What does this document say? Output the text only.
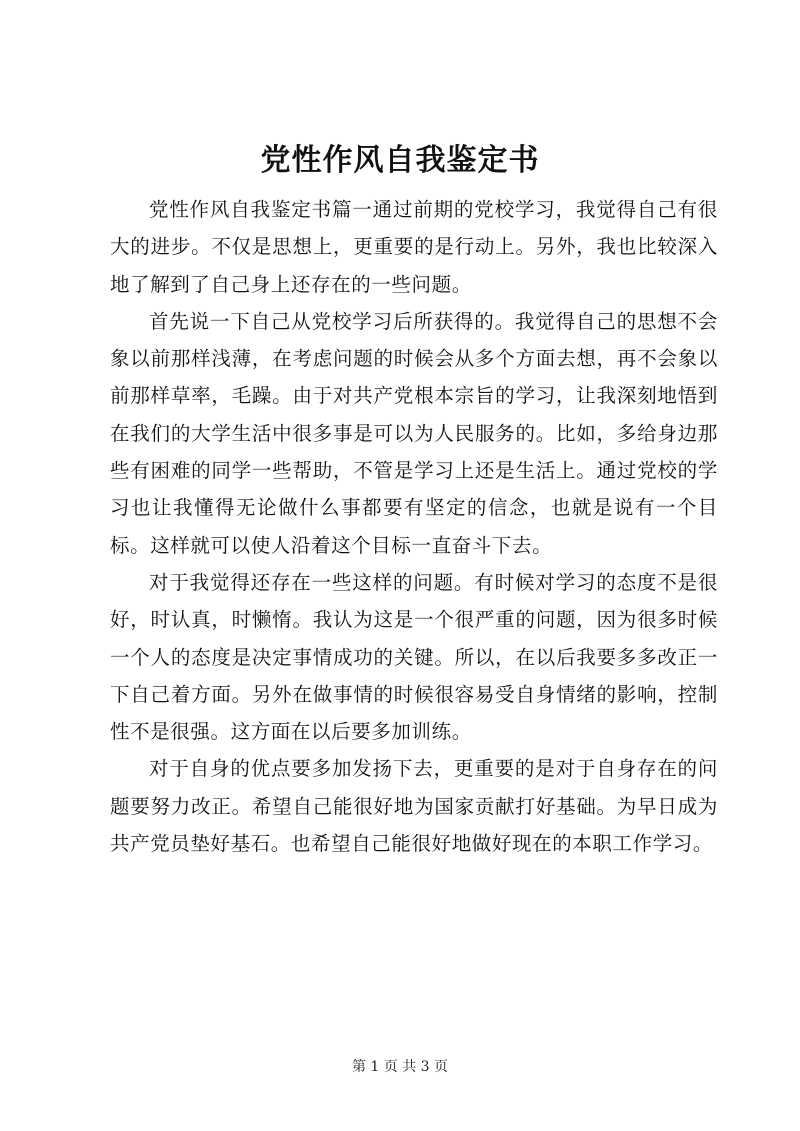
党性作风自我鉴定书

党性作风自我鉴定书篇一通过前期的党校学习，我觉得自己有很大的进步。不仅是思想上，更重要的是行动上。另外，我也比较深入地了解到了自己身上还存在的一些问题。

首先说一下自己从党校学习后所获得的。我觉得自己的思想不会象以前那样浅薄，在考虑问题的时候会从多个方面去想，再不会象以前那样草率，毛躁。由于对共产党根本宗旨的学习，让我深刻地悟到在我们的大学生活中很多事是可以为人民服务的。比如，多给身边那些有困难的同学一些帮助，不管是学习上还是生活上。通过党校的学习也让我懂得无论做什么事都要有坚定的信念，也就是说有一个目标。这样就可以使人沿着这个目标一直奋斗下去。

对于我觉得还存在一些这样的问题。有时候对学习的态度不是很好，时认真，时懒惰。我认为这是一个很严重的问题，因为很多时候一个人的态度是决定事情成功的关键。所以，在以后我要多多改正一下自己着方面。另外在做事情的时候很容易受自身情绪的影响，控制性不是很强。这方面在以后要多加训练。

对于自身的优点要多加发扬下去，更重要的是对于自身存在的问题要努力改正。希望自己能很好地为国家贡献打好基础。为早日成为共产党员垫好基石。也希望自己能很好地做好现在的本职工作学习。

第 1 页 共 3 页
